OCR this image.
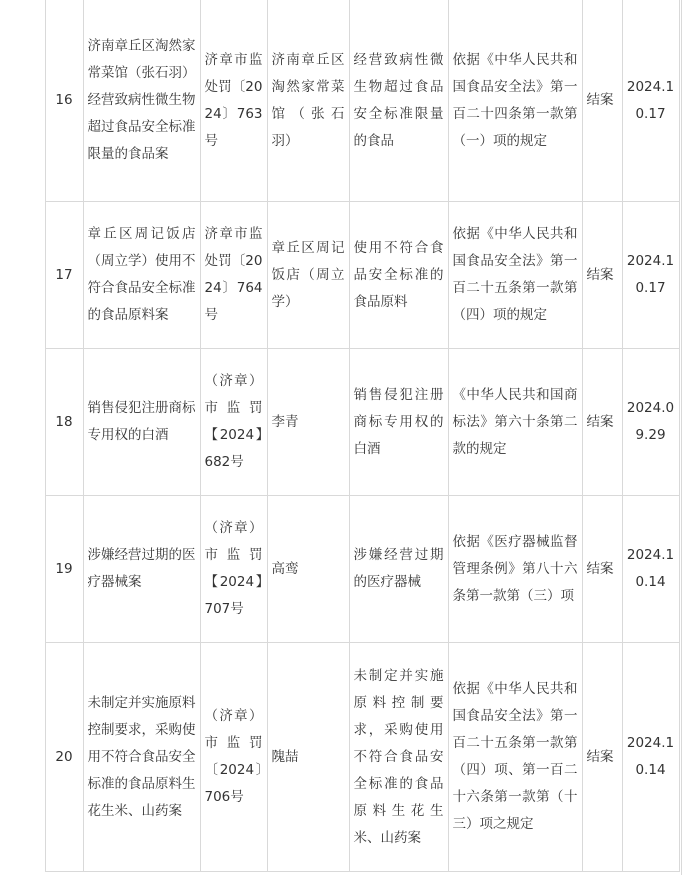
	16	济南章丘区淘然家常菜馆（张石羽）经营致病性微生物超过食品安全标准限量的食品案	济章市监处罚〔2024〕763号	济南章丘区淘然家常菜馆（张石羽）	经营致病性微生物超过食品安全标准限量的食品	依据《中华人民共和国食品安全法》第一百二十四条第一款第（一）项的规定	结案	2024.10.17
	17	章丘区周记饭店（周立学）使用不符合食品安全标准的食品原料案	济章市监处罚〔2024〕764号	章丘区周记饭店（周立学）	使用不符合食品安全标准的食品原料	依据《中华人民共和国食品安全法》第一百二十五条第一款第（四）项的规定	结案	2024.10.17
	18	销售侵犯注册商标专用权的白酒	（济章）市监罚【2024】682号	李青	销售侵犯注册商标专用权的白酒	《中华人民共和国商标法》第六十条第二款的规定	结案	2024.09.29
	19	涉嫌经营过期的医疗器械案	（济章）市监罚【2024】707号	高鸾	涉嫌经营过期的医疗器械	依据《医疗器械监督管理条例》第八十六条第一款第（三）项	结案	2024.10.14
	20	未制定并实施原料控制要求，采购使用不符合食品安全标准的食品原料生花生米、山药案	（济章）市监罚〔2024〕706号	隗喆	未制定并实施原料控制要求，采购使用不符合食品安全标准的食品原料生花生米、山药案	依据《中华人民共和国食品安全法》第一百二十五条第一款第（四）项、第一百二十六条第一款第（十三）项之规定	结案	2024.10.14
